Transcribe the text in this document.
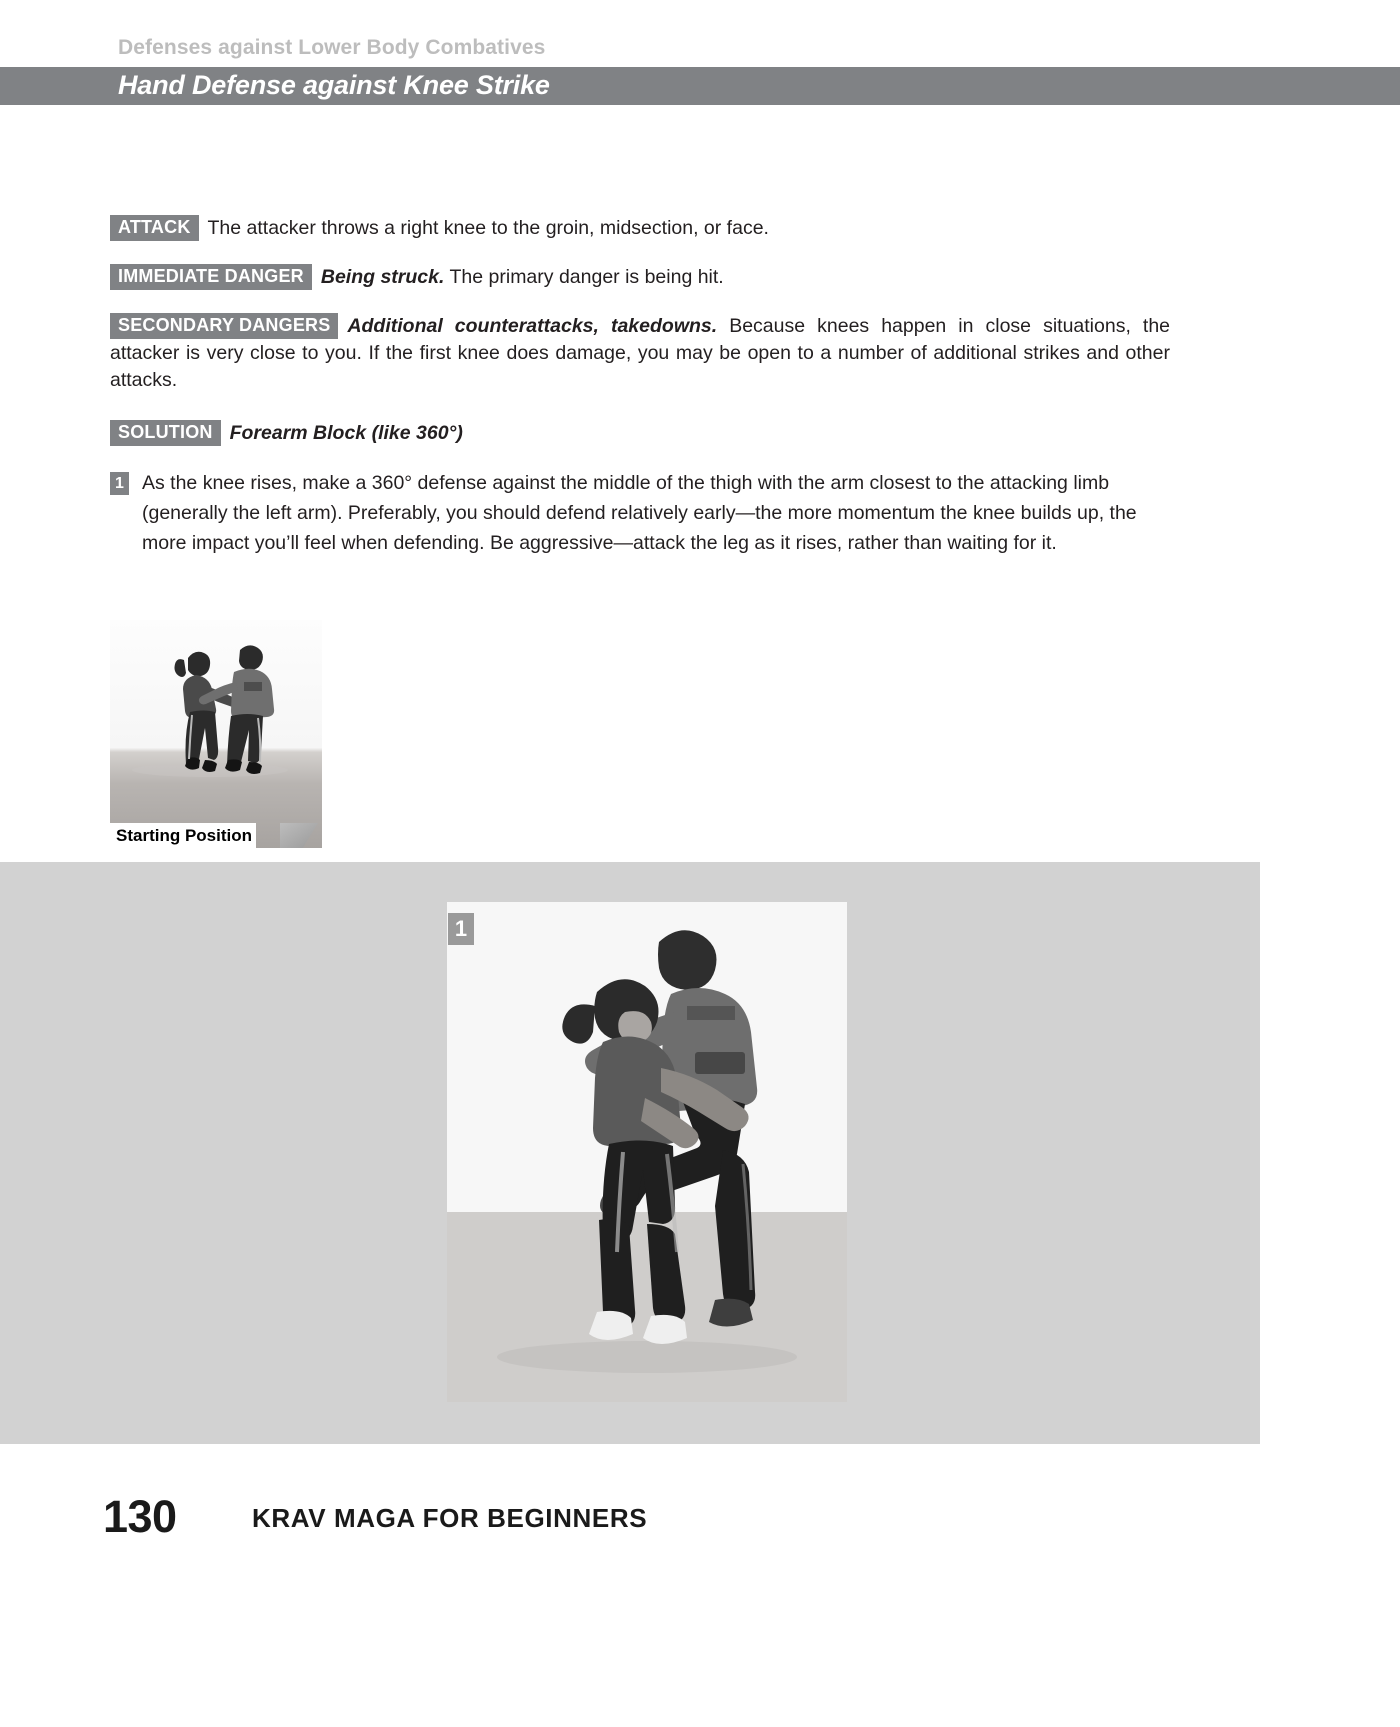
Defenses against Lower Body Combatives
Hand Defense against Knee Strike

ATTACK The attacker throws a right knee to the groin, midsection, or face.

IMMEDIATE DANGER Being struck. The primary danger is being hit.

SECONDARY DANGERS Additional counterattacks, takedowns. Because knees happen in close situations, the attacker is very close to you. If the first knee does damage, you may be open to a number of additional strikes and other attacks.

SOLUTION Forearm Block (like 360°)

1 As the knee rises, make a 360° defense against the middle of the thigh with the arm closest to the attacking limb (generally the left arm). Preferably, you should defend relatively early—the more momentum the knee builds up, the more impact you’ll feel when defending. Be aggressive—attack the leg as it rises, rather than waiting for it.
Starting Position
1
130	KRAV MAGA FOR BEGINNERS
